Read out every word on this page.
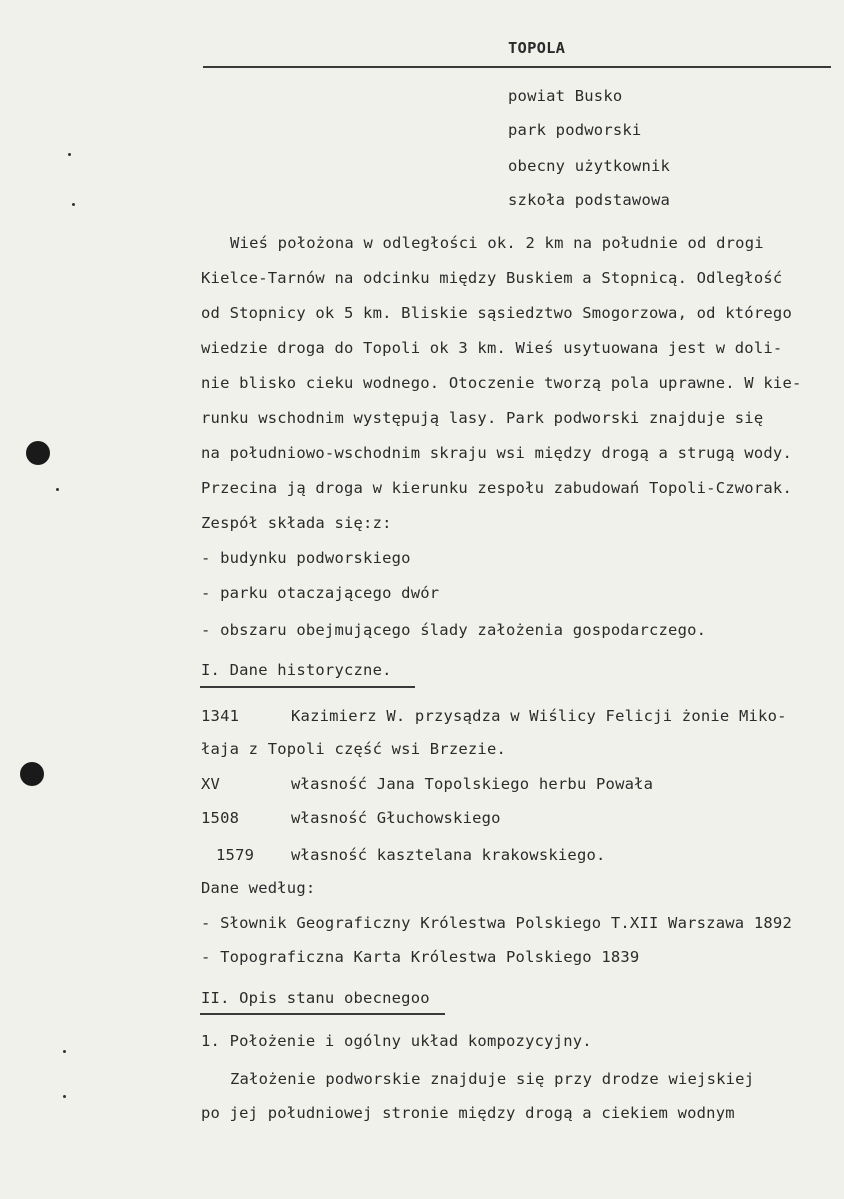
TOPOLA
powiat Busko
park podworski
obecny użytkownik
szkoła podstawowa
Wieś położona w odległości ok. 2 km na południe od drogi
Kielce-Tarnów na odcinku między Buskiem a Stopnicą. Odległość
od Stopnicy ok 5 km. Bliskie sąsiedztwo Smogorzowa, od którego
wiedzie droga do Topoli ok 3 km. Wieś usytuowana jest w doli-
nie blisko cieku wodnego. Otoczenie tworzą pola uprawne. W kie-
runku wschodnim występują lasy. Park podworski znajduje się
na południowo-wschodnim skraju wsi między drogą a strugą wody.
Przecina ją droga w kierunku zespołu zabudowań Topoli-Czworak.
Zespół składa się:z:
- budynku podworskiego
- parku otaczającego dwór
- obszaru obejmującego ślady założenia gospodarczego.
I. Dane historyczne.
1341	Kazimierz W. przysądza w Wiślicy Felicji żonie Miko-
łaja z Topoli część wsi Brzezie.
XV	własność Jana Topolskiego herbu Powała
1508	własność Głuchowskiego
1579 własność kasztelana krakowskiego.
Dane według:
- Słownik Geograficzny Królestwa Polskiego T.XII Warszawa 1892
- Topograficzna Karta Królestwa Polskiego 1839
II. Opis stanu obecnegoo
1. Położenie i ogólny układ kompozycyjny.
Założenie podworskie znajduje się przy drodze wiejskiej
po jej południowej stronie między drogą a ciekiem wodnym
